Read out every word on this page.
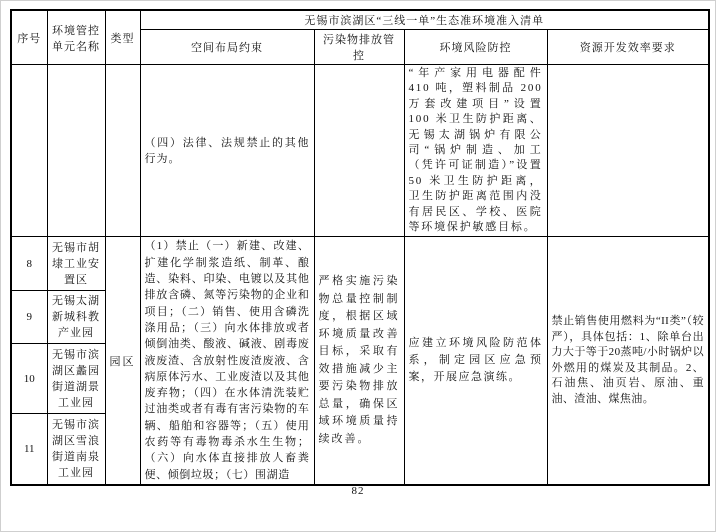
序号	环境管控单元名称	类型	无锡市滨湖区“三线一单”生态准环境准入清单			
			空间布局约束	污染物排放管控	环境风险防控	资源开发效率要求
			（四）法律、法规禁止的其他行为。		“年产家用电器配件 410 吨，塑料制品 200 万套改建项目”设置 100 米卫生防护距离、无锡太湖锅炉有限公司“锅炉制造、加工（凭许可证制造）”设置 50 米卫生防护距离，卫生防护距离范围内没有居民区、学校、医院等环境保护敏感目标。	
8	无锡市胡埭工业安置区	园区	（1）禁止（一）新建、改建、扩建化学制浆造纸、制革、酿造、染料、印染、电镀以及其他排放含磷、氮等污染物的企业和项目；（二）销售、使用含磷洗涤用品；（三）向水体排放或者倾倒油类、酸液、碱液、剧毒废液废渣、含放射性废渣废液、含病原体污水、工业废渣以及其他废弃物；（四）在水体清洗装贮过油类或者有毒有害污染物的车辆、船舶和容器等；（五）使用农药等有毒物毒杀水生生物；（六）向水体直接排放人畜粪便、倾倒垃圾；（七）围湖造	严格实施污染物总量控制制度，根据区域环境质量改善目标，采取有效措施减少主要污染物排放总量，确保区域环境质量持续改善。	应建立环境风险防范体系，制定园区应急预案，开展应急演练。	禁止销售使用燃料为“II类”（较严），具体包括：1、除单台出力大于等于20蒸吨/小时锅炉以外燃用的煤炭及其制品。2、石油焦、油页岩、原油、重油、渣油、煤焦油。
9	无锡太湖新城科教产业园					
10	无锡市滨湖区蠡园街道湖景工业园					
11	无锡市滨湖区雪浪街道南泉工业园					
82
